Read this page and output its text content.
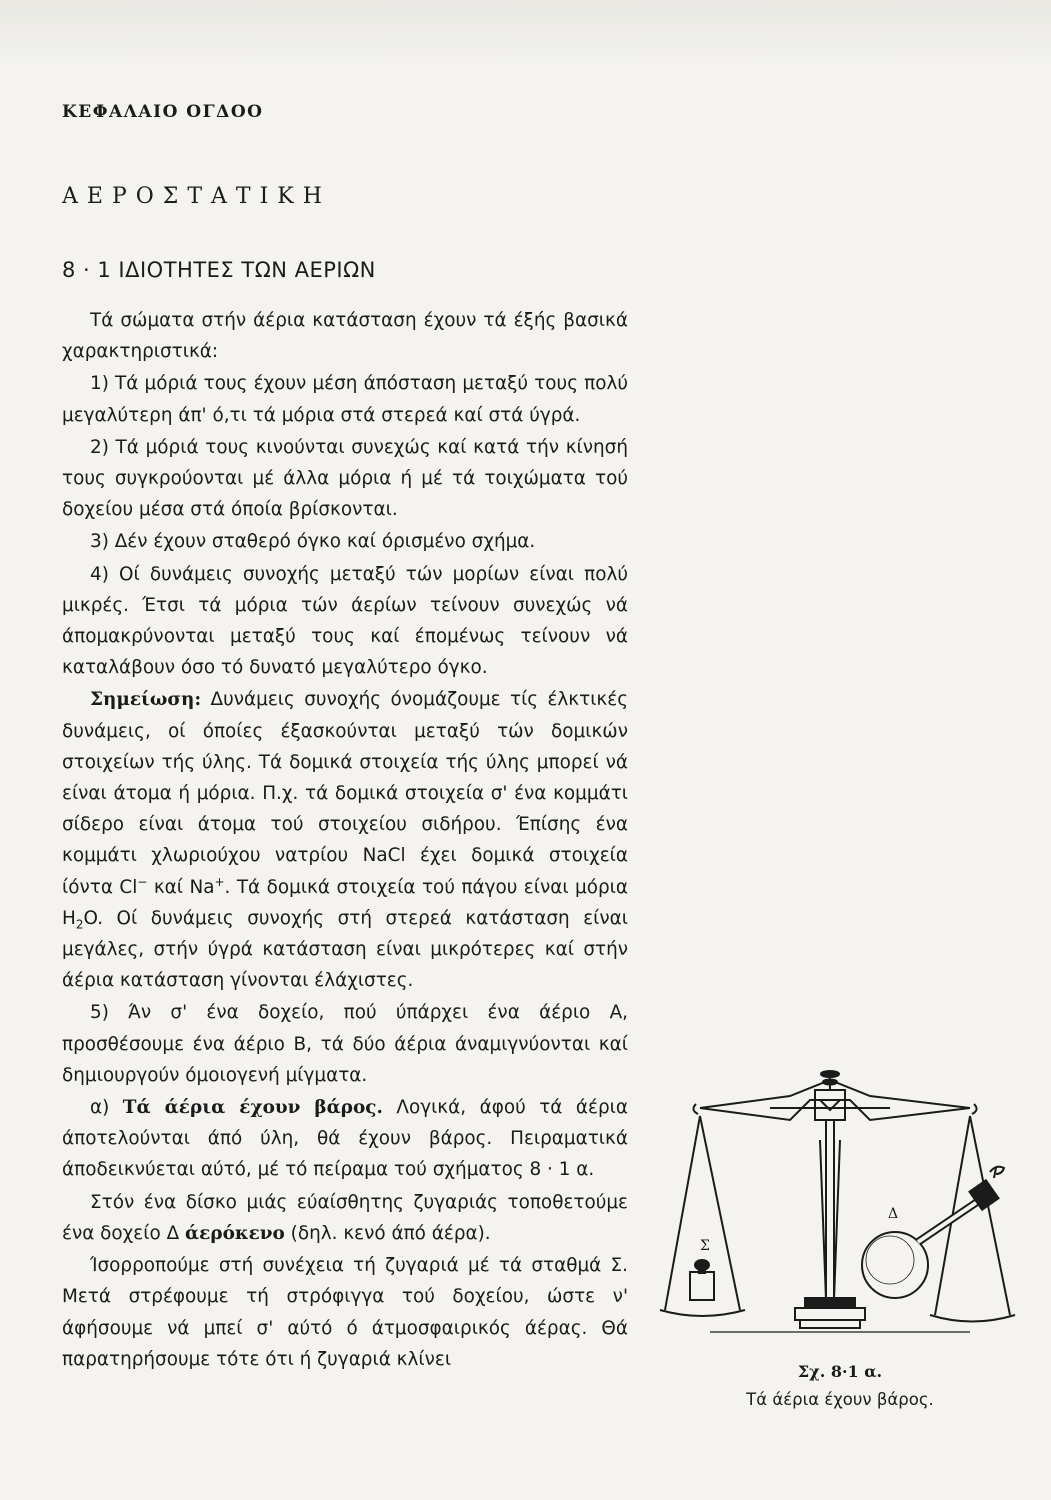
ΚΕΦΑΛΑΙΟ ΟΓΔΟΟ
ΑΕΡΟΣΤΑΤΙΚΗ
8 · 1 ΙΔΙΟΤΗΤΕΣ ΤΩΝ ΑΕΡΙΩΝ

Τά σώματα στήν άέρια κατάσταση έχουν τά έξής βασικά χαρακτηριστικά:

1) Τά μόριά τους έχουν μέση άπόσταση μεταξύ τους πολύ μεγαλύτερη άπ' ό,τι τά μόρια στά στερεά καί στά ύγρά.

2) Τά μόριά τους κινούνται συνεχώς καί κατά τήν κίνησή τους συγκρούονται μέ άλλα μόρια ή μέ τά τοιχώματα τού δοχείου μέσα στά όποία βρίσκονται.

3) Δέν έχουν σταθερό όγκο καί όρισμένο σχήμα.

4) Οί δυνάμεις συνοχής μεταξύ τών μορίων είναι πολύ μικρές. Έτσι τά μόρια τών άερίων τείνουν συνεχώς νά άπομακρύνονται μεταξύ τους καί έπομένως τείνουν νά καταλάβουν όσο τό δυνατό μεγαλύτερο όγκο.

Σημείωση: Δυνάμεις συνοχής όνομάζουμε τίς έλκτικές δυνάμεις, οί όποίες έξασκούνται μεταξύ τών δομικών στοιχείων τής ύλης. Τά δομικά στοιχεία τής ύλης μπορεί νά είναι άτομα ή μόρια. Π.χ. τά δομικά στοιχεία σ' ένα κομμάτι σίδερο είναι άτομα τού στοιχείου σιδήρου. Έπίσης ένα κομμάτι χλωριούχου νατρίου NaCl έχει δομικά στοιχεία ίόντα Cl− καί Na+. Τά δομικά στοιχεία τού πάγου είναι μόρια $H_2O$. Οί δυνάμεις συνοχής στή στερεά κατάσταση είναι μεγάλες, στήν ύγρά κατάσταση είναι μικρότερες καί στήν άέρια κατάσταση γίνονται έλάχιστες.

5) Άν σ' ένα δοχείο, πού ύπάρχει ένα άέριο Α, προσθέσουμε ένα άέριο Β, τά δύο άέρια άναμιγνύονται καί δημιουργούν όμοιογενή μίγματα.

α) Τά άέρια έχουν βάρος. Λογικά, άφού τά άέρια άποτελούνται άπό ύλη, θά έχουν βάρος. Πειραματικά άποδεικνύεται αύτό, μέ τό πείραμα τού σχήματος 8 · 1 α.

Στόν ένα δίσκο μιάς εύαίσθητης ζυγαριάς τοποθετούμε ένα δοχείο Δ άερόκενο (δηλ. κενό άπό άέρα).

Ίσορροπούμε στή συνέχεια τή ζυγαριά μέ τά σταθμά Σ. Μετά στρέφουμε τή στρόφιγγα τού δοχείου, ώστε ν' άφήσουμε νά μπεί σ' αύτό ό άτμοσφαιρικός άέρας. Θά παρατηρήσουμε τότε ότι ή ζυγαριά κλίνει

Σ
Δ
Σχ. 8·1 α.
Τά άέρια έχουν βάρος.
